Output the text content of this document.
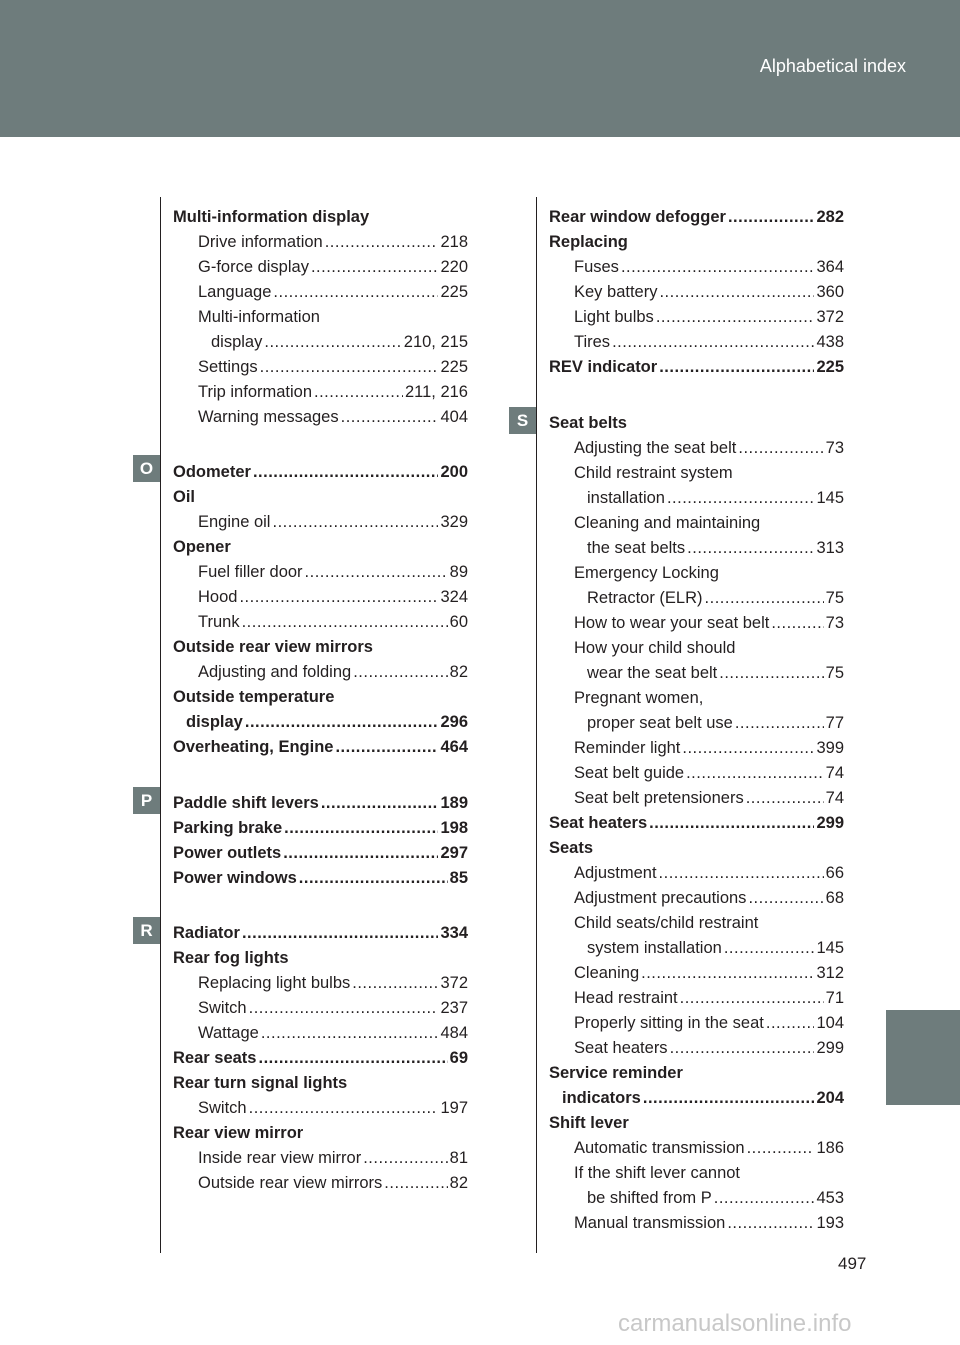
Alphabetical index
O
P
R
S
Multi-information display
Drive information .....	218
G-force display .....	220
Language .....	225
Multi-information
display .....	210, 215
Settings .....	225
Trip information .....	211, 216
Warning messages .....	404
Odometer .....	200
Oil
Engine oil .....	329
Opener
Fuel filler door .....	89
Hood .....	324
Trunk .....	60
Outside rear view mirrors
Adjusting and folding .....	82
Outside temperature
display .....	296
Overheating, Engine .....	464
Paddle shift levers .....	189
Parking brake .....	198
Power outlets .....	297
Power windows .....	85
Radiator .....	334
Rear fog lights
Replacing light bulbs .....	372
Switch .....	237
Wattage .....	484
Rear seats .....	69
Rear turn signal lights
Switch .....	197
Rear view mirror
Inside rear view mirror .....	81
Outside rear view mirrors .....	82
Rear window defogger .....	282
Replacing
Fuses .....	364
Key battery .....	360
Light bulbs .....	372
Tires .....	438
REV indicator .....	225
Seat belts
Adjusting the seat belt .....	73
Child restraint system
installation .....	145
Cleaning and maintaining
the seat belts .....	313
Emergency Locking
Retractor (ELR) .....	75
How to wear your seat belt .....	73
How your child should
wear the seat belt .....	75
Pregnant women,
proper seat belt use .....	77
Reminder light .....	399
Seat belt guide .....	74
Seat belt pretensioners .....	74
Seat heaters .....	299
Seats
Adjustment .....	66
Adjustment precautions .....	68
Child seats/child restraint
system installation .....	145
Cleaning .....	312
Head restraint .....	71
Properly sitting in the seat .....	104
Seat heaters .....	299
Service reminder
indicators .....	204
Shift lever
Automatic transmission .....	186
If the shift lever cannot
be shifted from P .....	453
Manual transmission .....	193
497
carmanualsonline.info
